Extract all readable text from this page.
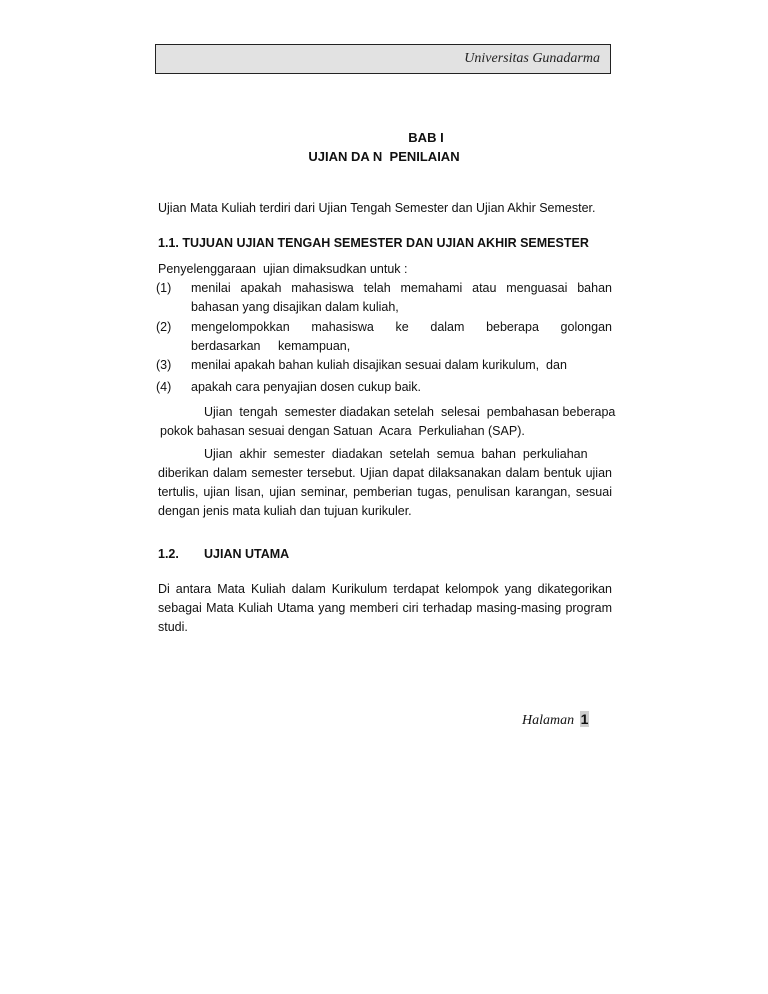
Universitas Gunadarma
BAB I
UJIAN DA N  PENILAIAN
Ujian Mata Kuliah terdiri dari Ujian Tengah Semester dan Ujian Akhir Semester.
1.1. TUJUAN UJIAN TENGAH SEMESTER DAN UJIAN AKHIR SEMESTER
Penyelenggaraan  ujian dimaksudkan untuk :
(1) menilai apakah mahasiswa telah memahami atau menguasai bahan bahasan yang disajikan dalam kuliah,
(2) mengelompokkan mahasiswa ke dalam beberapa golongan berdasarkan kemampuan,
(3) menilai apakah bahan kuliah disajikan sesuai dalam kurikulum,  dan
(4) apakah cara penyajian dosen cukup baik.
Ujian  tengah  semester diadakan setelah  selesai  pembahasan beberapa
pokok bahasan sesuai dengan Satuan  Acara  Perkuliahan (SAP).
Ujian  akhir  semester  diadakan  setelah  semua  bahan  perkuliahan
diberikan dalam semester tersebut. Ujian dapat dilaksanakan dalam bentuk ujian tertulis, ujian lisan, ujian seminar, pemberian tugas, penulisan karangan, sesuai dengan jenis mata kuliah dan tujuan kurikuler.
1.2. UJIAN UTAMA
Di antara Mata Kuliah dalam Kurikulum terdapat kelompok yang dikategorikan sebagai Mata Kuliah Utama yang memberi ciri terhadap masing-masing program studi.
Halaman 1
